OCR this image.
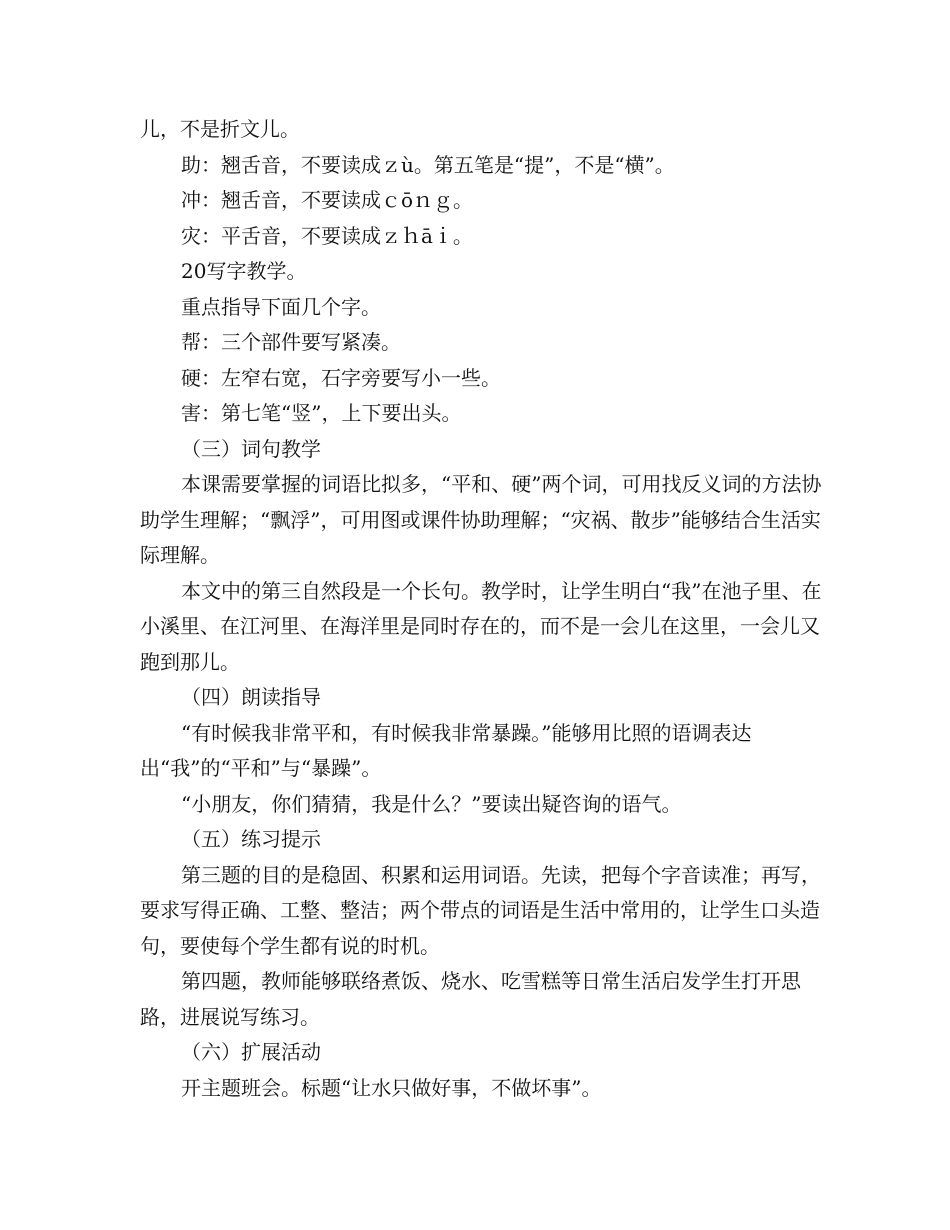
儿，不是折文儿。

助：翘舌音，不要读成ｚù。第五笔是“提”，不是“横”。

冲：翘舌音，不要读成ｃōｎｇ。

灾：平舌音，不要读成ｚｈāｉ。

20写字教学。

重点指导下面几个字。

帮：三个部件要写紧凑。

硬：左窄右宽，石字旁要写小一些。

害：第七笔“竖”，上下要出头。

（三）词句教学

本课需要掌握的词语比拟多，“平和、硬”两个词，可用找反义词的方法协助学生理解；“飘浮”，可用图或课件协助理解；“灾祸、散步”能够结合生活实际理解。

本文中的第三自然段是一个长句。教学时，让学生明白“我”在池子里、在小溪里、在江河里、在海洋里是同时存在的，而不是一会儿在这里，一会儿又跑到那儿。

（四）朗读指导

“有时候我非常平和，有时候我非常暴躁。”能够用比照的语调表达出“我”的“平和”与“暴躁”。

“小朋友，你们猜猜，我是什么？”要读出疑咨询的语气。

（五）练习提示

第三题的目的是稳固、积累和运用词语。先读，把每个字音读准；再写，要求写得正确、工整、整洁；两个带点的词语是生活中常用的，让学生口头造句，要使每个学生都有说的时机。

第四题，教师能够联络煮饭、烧水、吃雪糕等日常生活启发学生打开思路，进展说写练习。

（六）扩展活动

开主题班会。标题“让水只做好事，不做坏事”。
